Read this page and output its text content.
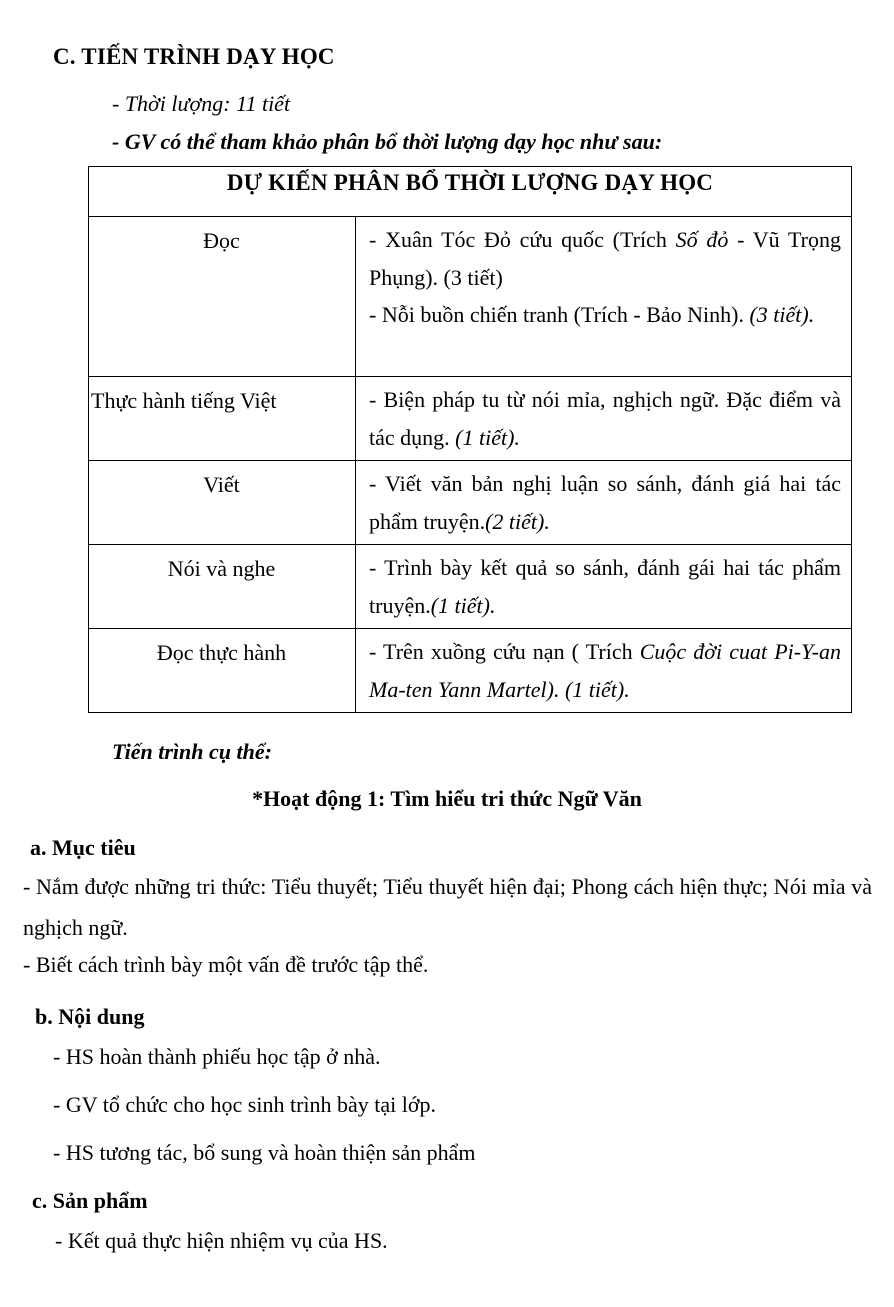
C. TIẾN TRÌNH DẠY HỌC
- Thời lượng: 11 tiết
- GV có thể tham khảo phân bổ thời lượng dạy học như sau:
DỰ KIẾN PHÂN BỔ THỜI LƯỢNG DẠY HỌC	
Đọc	- Xuân Tóc Đỏ cứu quốc (Trích Số đỏ - Vũ Trọng Phụng). (3 tiết)

- Nỗi buồn chiến tranh (Trích - Bảo Ninh). (3 tiết).

Thực hành tiếng Việt	- Biện pháp tu từ nói mỉa, nghịch ngữ. Đặc điểm và tác dụng. (1 tiết).

Viết	- Viết văn bản nghị luận so sánh, đánh giá hai tác phẩm truyện.(2 tiết).

Nói và nghe	- Trình bày kết quả so sánh, đánh gái hai tác phẩm truyện.(1 tiết).

Đọc thực hành	- Trên xuồng cứu nạn ( Trích Cuộc đời cuat Pi-Y-an Ma-ten Yann Martel). (1 tiết).

Tiến trình cụ thể:
*Hoạt động 1: Tìm hiểu tri thức Ngữ Văn
a. Mục tiêu
- Nắm được những tri thức: Tiểu thuyết; Tiểu thuyết hiện đại; Phong cách hiện thực; Nói mỉa và nghịch ngữ.
- Biết cách trình bày một vấn đề trước tập thể.
b. Nội dung
- HS hoàn thành phiếu học tập ở nhà.
- GV tổ chức cho học sinh trình bày tại lớp.
- HS tương tác, bổ sung và hoàn thiện sản phẩm
c. Sản phẩm
- Kết quả thực hiện nhiệm vụ của HS.
